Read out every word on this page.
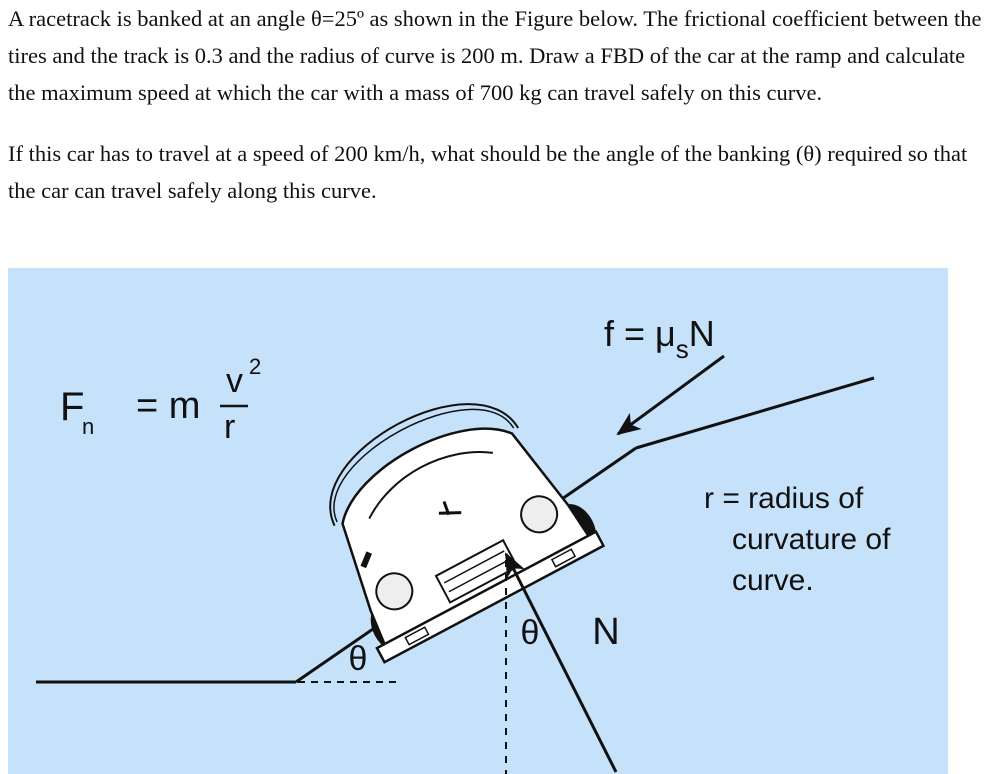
A racetrack is banked at an angle θ=25º as shown in the Figure below. The frictional coefficient between the tires and the track is 0.3 and the radius of curve is 200 m. Draw a FBD of the car at the ramp and calculate the maximum speed at which the car with a mass of 700 kg can travel safely on this curve.

If this car has to travel at a speed of 200 km/h, what should be the angle of the banking (θ) required so that the car can travel safely along this curve.

θ
$f = \mu_sN$
θ N
F
n = m
v 2
r
r = radius of
curvature of
curve.
